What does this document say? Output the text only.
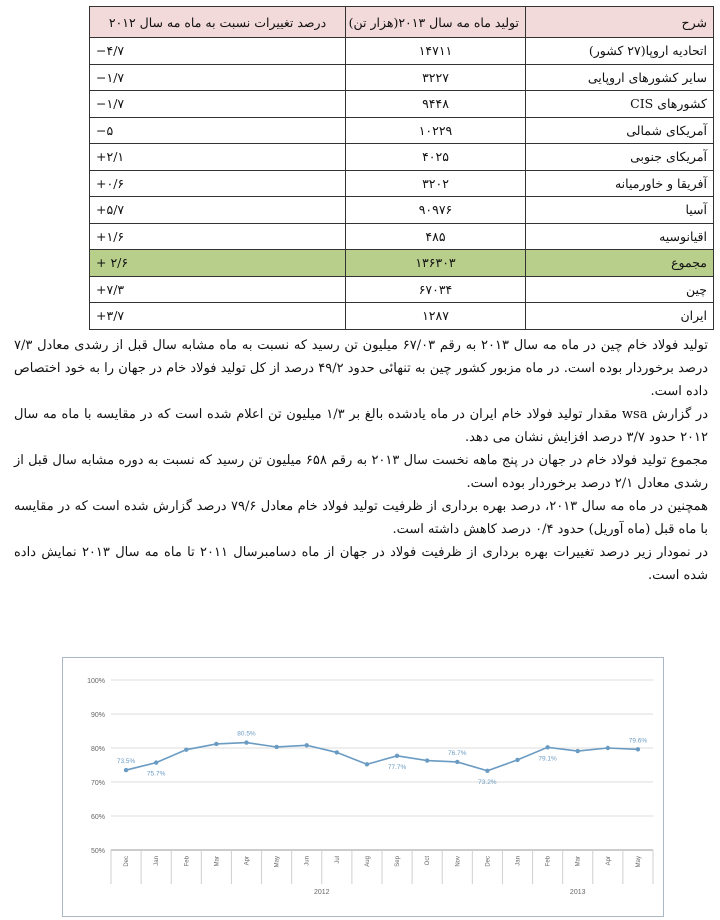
شرح	تولید ماه مه سال ۲۰۱۳(هزار تن)	درصد تغییرات نسبت به ماه مه سال ۲۰۱۲
اتحادیه اروپا(۲۷ کشور)	۱۴۷۱۱	−۴/۷
سایر کشورهای اروپایی	۳۲۲۷	−۱/۷
کشورهای CIS	۹۴۴۸	−۱/۷
آمریکای شمالی	۱۰۲۲۹	−۵
آمریکای جنوبی	۴۰۲۵	+۲/۱
آفریقا و خاورمیانه	۳۲۰۲	+۰/۶
آسیا	۹۰۹۷۶	+۵/۷
اقیانوسیه	۴۸۵	+۱/۶
مجموع	۱۳۶۳۰۳	+ ۲/۶
چین	۶۷۰۳۴	+۷/۳
ایران	۱۲۸۷	+۳/۷

تولید فولاد خام چین در ماه مه سال ۲۰۱۳ به رقم ۶۷/۰۳ میلیون تن رسید که نسبت به ماه مشابه سال قبل از رشدی معادل ۷/۳ درصد برخوردار بوده است. در ماه مزبور کشور چین به تنهائی حدود ۴۹/۲ درصد از کل تولید فولاد خام در جهان را به خود اختصاص داده است.

در گزارش wsa مقدار تولید فولاد خام ایران در ماه یادشده بالغ بر ۱/۳ میلیون تن اعلام شده است که در مقایسه با ماه مه سال ۲۰۱۲ حدود ۳/۷ درصد افزایش نشان می دهد.

مجموع تولید فولاد خام در جهان در پنج ماهه نخست سال ۲۰۱۳ به رقم ۶۵۸ میلیون تن رسید که نسبت به دوره مشابه سال قبل از رشدی معادل ۲/۱ درصد برخوردار بوده است.

همچنین در ماه مه سال ۲۰۱۳، درصد بهره برداری از ظرفیت تولید فولاد خام معادل ۷۹/۶ درصد گزارش شده است که در مقایسه با ماه قبل (ماه آوریل) حدود ۰/۴ درصد کاهش داشته است.

در نمودار زیر درصد تغییرات بهره برداری از ظرفیت فولاد در جهان از ماه دسامبرسال ۲۰۱۱ تا ماه مه سال ۲۰۱۳ نمایش داده شده است.

50%
60%
70%
80%
90%
100%
Dec	Jan	Feb	Mar	Apr	May	Jun	Jul	Aug	Sep	Oct	Nov	Dec	Jan	Feb	Mar	Apr	May
2012	2013
73.5%
75.7%
80.5%
77.7%
76.7%
73.2%
79.1%
79.6%
